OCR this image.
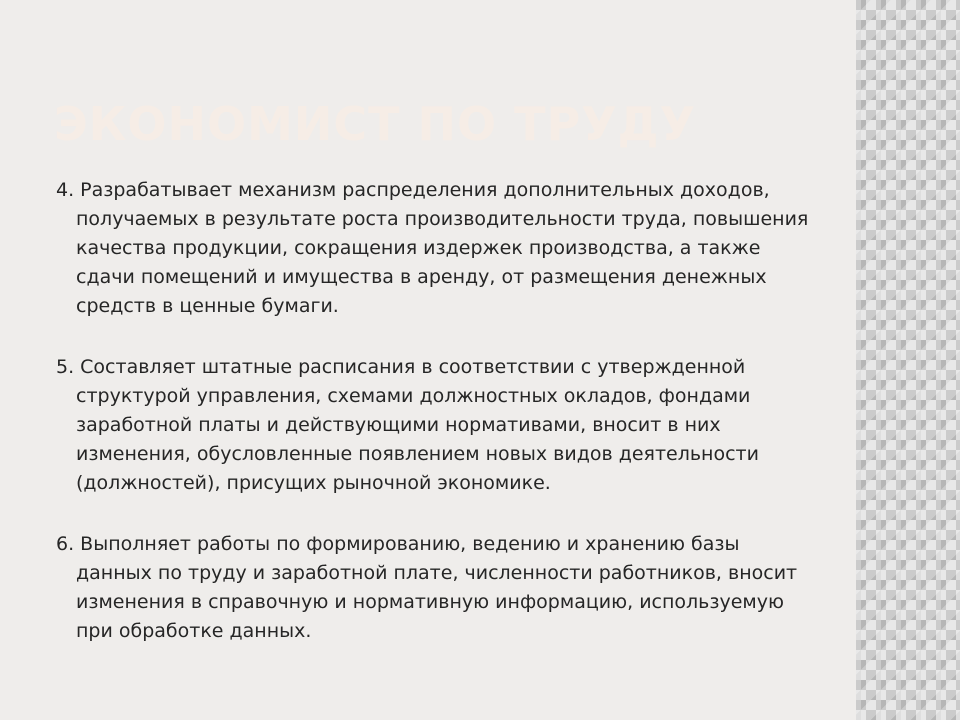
ЭКОНОМИСТ ПО ТРУДУ

4. Разрабатывает механизм распределения дополнительных доходов, получаемых в результате роста производительности труда, повышения качества продукции, сокращения издержек производства, а также сдачи помещений и имущества в аренду, от размещения денежных средств в ценные бумаги.

5. Составляет штатные расписания в соответствии с утвержденной структурой управления, схемами должностных окладов, фондами заработной платы и действующими нормативами, вносит в них изменения, обусловленные появлением новых видов деятельности (должностей), присущих рыночной экономике.

6. Выполняет работы по формированию, ведению и хранению базы данных по труду и заработной плате, численности работников, вносит изменения в справочную и нормативную информацию, используемую при обработке данных.
